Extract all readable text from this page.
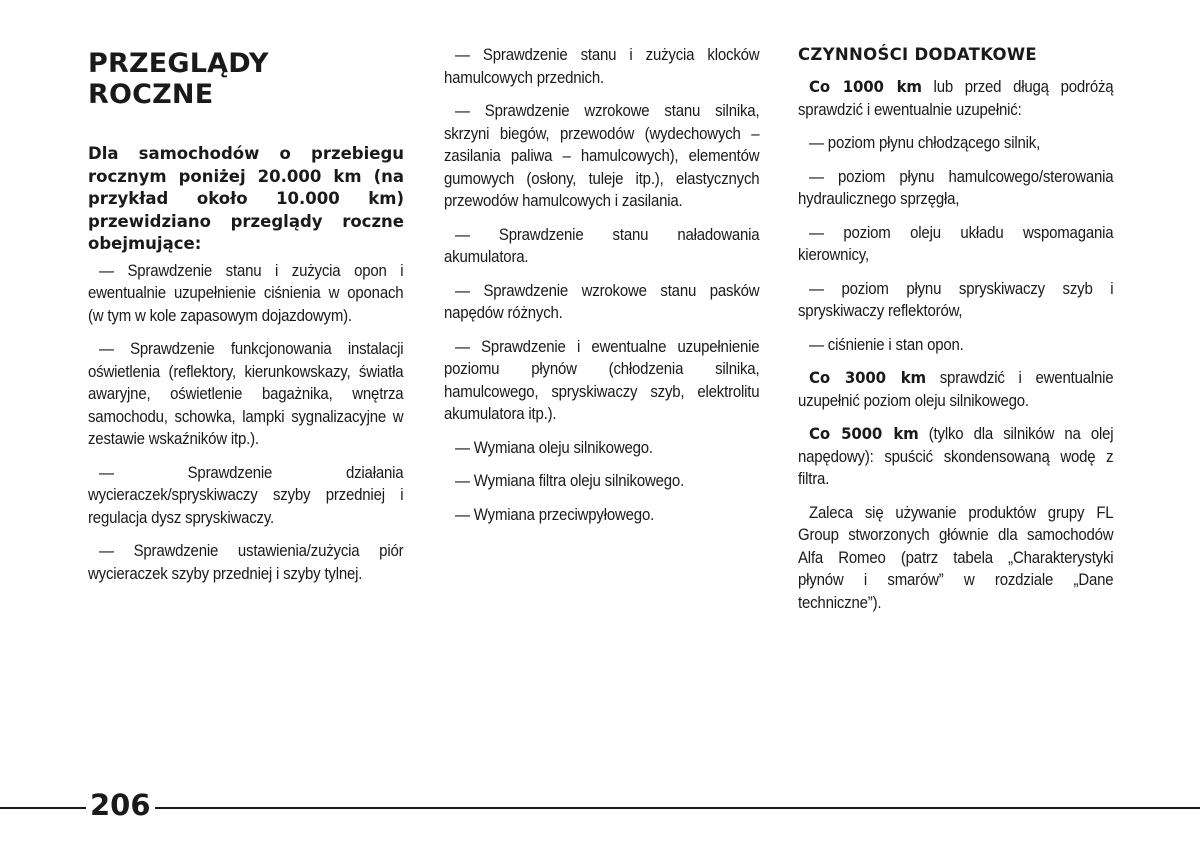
PRZEGLĄDY
ROCZNE

Dla samochodów o przebiegu rocznym poniżej 20.000 km (na przykład około 10.000 km) przewidziano przeglądy roczne obejmujące:

— Sprawdzenie stanu i zużycia opon i ewentualnie uzupełnienie ciśnienia w oponach (w tym w kole zapasowym dojazdowym).

— Sprawdzenie funkcjonowania instalacji oświetlenia (reflektory, kierunkowskazy, światła awaryjne, oświetlenie bagażnika, wnętrza samochodu, schowka, lampki sygnalizacyjne w zestawie wskaźników itp.).

— Sprawdzenie działania wycieraczek/spryskiwaczy szyby przedniej i regulacja dysz spryskiwaczy.

— Sprawdzenie ustawienia/zużycia piór wycieraczek szyby przedniej i szyby tylnej.

— Sprawdzenie stanu i zużycia klocków hamulcowych przednich.

— Sprawdzenie wzrokowe stanu silnika, skrzyni biegów, przewodów (wydechowych – zasilania paliwa – hamulcowych), elementów gumowych (osłony, tuleje itp.), elastycznych przewodów hamulcowych i zasilania.

— Sprawdzenie stanu naładowania akumulatora.

— Sprawdzenie wzrokowe stanu pasków napędów różnych.

— Sprawdzenie i ewentualne uzupełnienie poziomu płynów (chłodzenia silnika, hamulcowego, spryskiwaczy szyb, elektrolitu akumulatora itp.).

— Wymiana oleju silnikowego.

— Wymiana filtra oleju silnikowego.

— Wymiana przeciwpyłowego.

CZYNNOŚCI DODATKOWE

Co 1000 km lub przed długą podróżą sprawdzić i ewentualnie uzupełnić:

— poziom płynu chłodzącego silnik,

— poziom płynu hamulcowego/sterowania hydraulicznego sprzęgła,

— poziom oleju układu wspomagania kierownicy,

— poziom płynu spryskiwaczy szyb i spryskiwaczy reflektorów,

— ciśnienie i stan opon.

Co 3000 km sprawdzić i ewentualnie uzupełnić poziom oleju silnikowego.

Co 5000 km (tylko dla silników na olej napędowy): spuścić skondensowaną wodę z filtra.

Zaleca się używanie produktów grupy FL Group stworzonych głównie dla samochodów Alfa Romeo (patrz tabela „Charakterystyki płynów i smarów” w rozdziale „Dane techniczne”).

206
